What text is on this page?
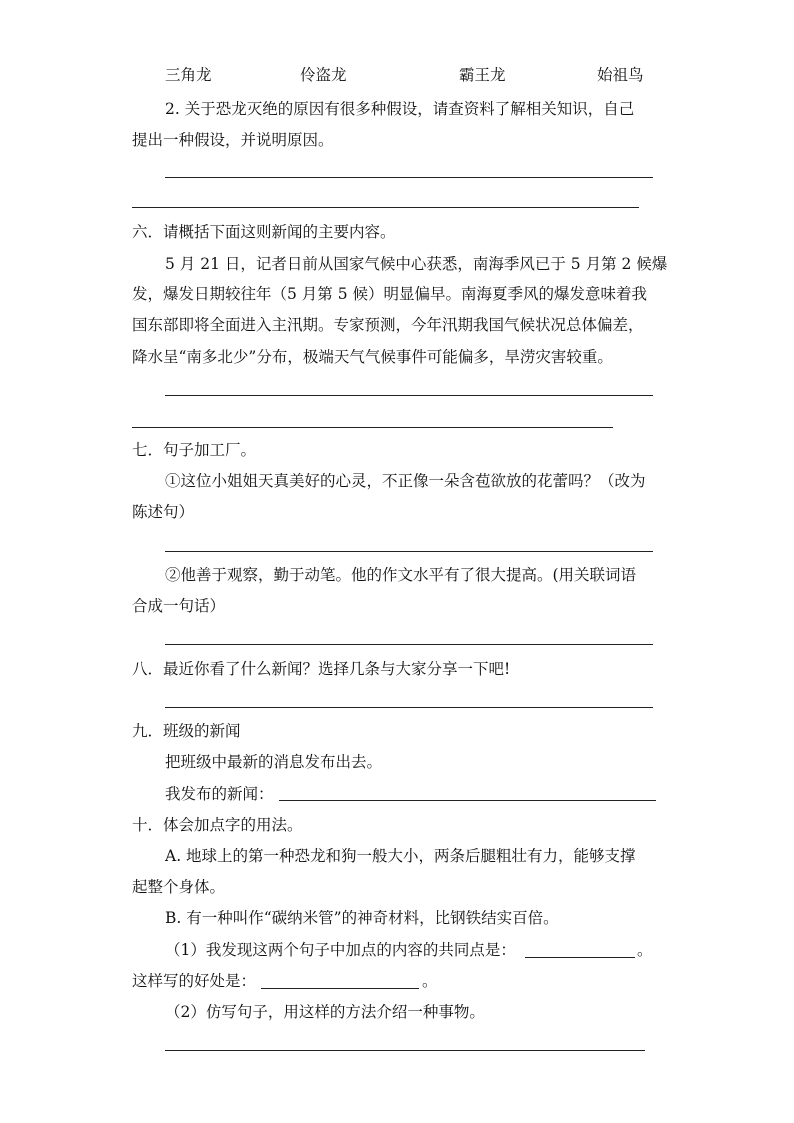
三角龙	伶盗龙	霸王龙	始祖鸟
2. 关于恐龙灭绝的原因有很多种假设，请查资料了解相关知识，自己
提出一种假设，并说明原因。
六．请概括下面这则新闻的主要内容。
5 月 21 日，记者日前从国家气候中心获悉，南海季风已于 5 月第 2 候爆
发，爆发日期较往年（5 月第 5 候）明显偏早。南海夏季风的爆发意味着我
国东部即将全面进入主汛期。专家预测，今年汛期我国气候状况总体偏差，
降水呈“南多北少”分布，极端天气气候事件可能偏多，旱涝灾害较重。
七．句子加工厂。
①这位小姐姐天真美好的心灵，不正像一朵含苞欲放的花蕾吗？（改为
陈述句）
②他善于观察，勤于动笔。他的作文水平有了很大提高。(用关联词语
合成一句话）
八．最近你看了什么新闻？选择几条与大家分享一下吧!
九．班级的新闻
把班级中最新的消息发布出去。
我发布的新闻：
十．体会加点字的用法。
A. 地球上的第一种恐龙和狗一般大小，两条后腿粗壮有力，能够支撑
起整个身体。
B. 有一种叫作“碳纳米管”的神奇材料，比钢铁结实百倍。
（1）我发现这两个句子中加点的内容的共同点是：	。
这样写的好处是：	。
（2）仿写句子，用这样的方法介绍一种事物。
